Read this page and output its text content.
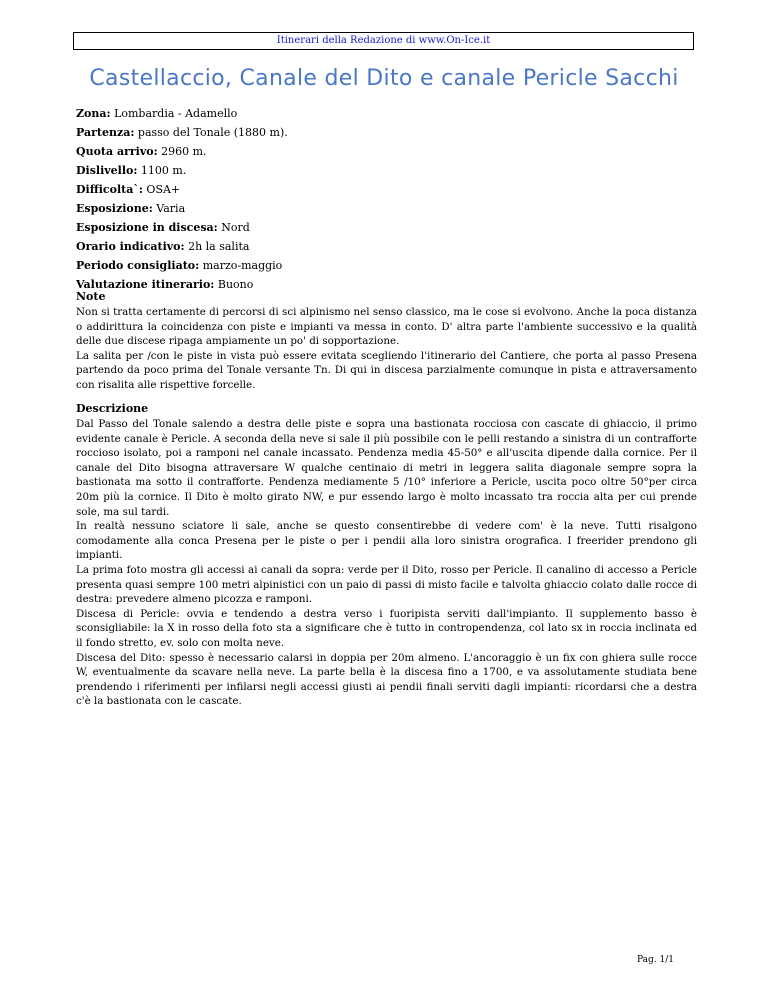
Itinerari della Redazione di www.On-Ice.it
Castellaccio, Canale del Dito e canale Pericle Sacchi
Zona: Lombardia - Adamello
Partenza: passo del Tonale (1880 m).
Quota arrivo: 2960 m.
Dislivello: 1100 m.
Difficolta`: OSA+
Esposizione: Varia
Esposizione in discesa: Nord
Orario indicativo: 2h la salita
Periodo consigliato: marzo-maggio
Valutazione itinerario: Buono
Note

Non si tratta certamente di percorsi di sci alpinismo nel senso classico, ma le cose si evolvono. Anche la poca distanza o addirittura la coincidenza con piste e impianti va messa in conto. D' altra parte l'ambiente successivo e la qualità delle due discese ripaga ampiamente un po' di sopportazione.

La salita per /con le piste in vista può essere evitata scegliendo l'itinerario del Cantiere, che porta al passo Presena partendo da poco prima del Tonale versante Tn. Di qui in discesa parzialmente comunque in pista e attraversamento con risalita alle rispettive forcelle.

Descrizione

Dal Passo del Tonale salendo a destra delle piste e sopra una bastionata rocciosa con cascate di ghiaccio, il primo evidente canale è Pericle. A seconda della neve si sale il più possibile con le pelli restando a sinistra di un contrafforte roccioso isolato, poi a ramponi nel canale incassato. Pendenza media 45-50° e all'uscita dipende dalla cornice. Per il canale del Dito bisogna attraversare W qualche centinaio di metri in leggera salita diagonale sempre sopra la bastionata ma sotto il contrafforte. Pendenza mediamente 5 /10° inferiore a Pericle, uscita poco oltre 50°per circa 20m più la cornice. Il Dito è molto girato NW, e pur essendo largo è molto incassato tra roccia alta per cui prende sole, ma sul tardi.

In realtà nessuno sciatore li sale, anche se questo consentirebbe di vedere com' è la neve. Tutti risalgono comodamente alla conca Presena per le piste o per i pendii alla loro sinistra orografica. I freerider prendono gli impianti.

La prima foto mostra gli accessi ai canali da sopra: verde per il Dito, rosso per Pericle. Il canalino di accesso a Pericle presenta quasi sempre 100 metri alpinistici con un paio di passi di misto facile e talvolta ghiaccio colato dalle rocce di destra: prevedere almeno picozza e ramponi.

Discesa di Pericle: ovvia e tendendo a destra verso i fuoripista serviti dall'impianto. Il supplemento basso è sconsigliabile: la X in rosso della foto sta a significare che è tutto in contropendenza, col lato sx in roccia inclinata ed il fondo stretto, ev. solo con molta neve.

Discesa del Dito: spesso è necessario calarsi in doppia per 20m almeno. L'ancoraggio è un fix con ghiera sulle rocce W, eventualmente da scavare nella neve. La parte bella è la discesa fino a 1700, e va assolutamente studiata bene prendendo i riferimenti per infilarsi negli accessi giusti ai pendii finali serviti dagli impianti: ricordarsi che a destra c'è la bastionata con le cascate.

Pag. 1/1
